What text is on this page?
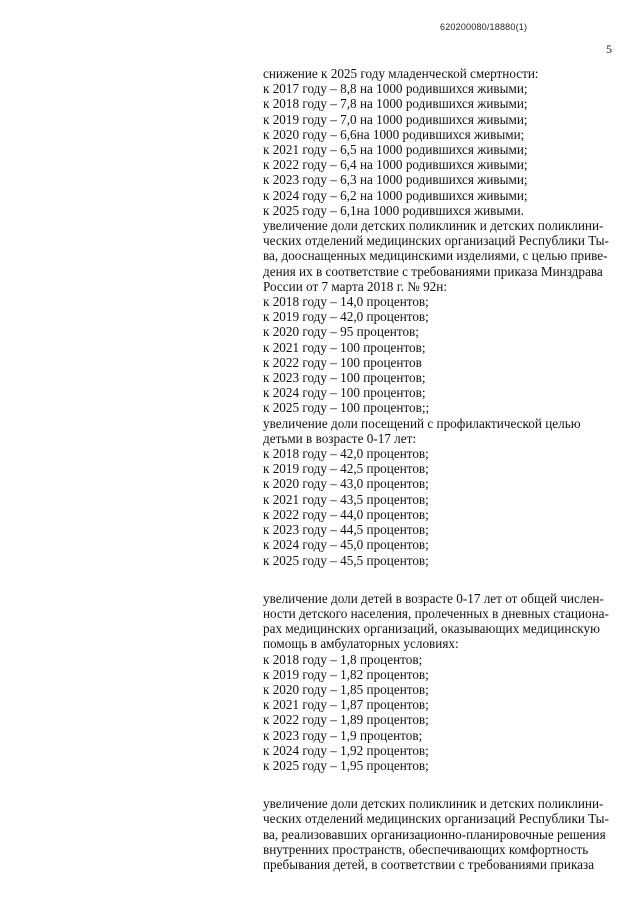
620200080/18880(1)
5
снижение к 2025 году младенческой смертности:
к 2017 году – 8,8 на 1000 родившихся живыми;
к 2018 году – 7,8 на 1000 родившихся живыми;
к 2019 году – 7,0 на 1000 родившихся живыми;
к 2020 году – 6,6на 1000 родившихся живыми;
к 2021 году – 6,5 на 1000 родившихся живыми;
к 2022 году – 6,4 на 1000 родившихся живыми;
к 2023 году – 6,3 на 1000 родившихся живыми;
к 2024 году – 6,2 на 1000 родившихся живыми;
к 2025 году – 6,1на 1000 родившихся живыми.
увеличение доли детских поликлиник и детских поликлини-
ческих отделений медицинских организаций Республики Ты-
ва, дооснащенных медицинскими изделиями, с целью приве-
дения их в соответствие с требованиями приказа Минздрава
России от 7 марта 2018 г. № 92н:
к 2018 году – 14,0 процентов;
к 2019 году – 42,0 процентов;
к 2020 году – 95 процентов;
к 2021 году – 100 процентов;
к 2022 году – 100 процентов
к 2023 году – 100 процентов;
к 2024 году – 100 процентов;
к 2025 году – 100 процентов;;
увеличение доли посещений с профилактической целью
детьми в возрасте 0-17 лет:
к 2018 году – 42,0 процентов;
к 2019 году – 42,5 процентов;
к 2020 году – 43,0 процентов;
к 2021 году – 43,5 процентов;
к 2022 году – 44,0 процентов;
к 2023 году – 44,5 процентов;
к 2024 году – 45,0 процентов;
к 2025 году – 45,5 процентов;
увеличение доли детей в возрасте 0-17 лет от общей числен-
ности детского населения, пролеченных в дневных стациона-
рах медицинских организаций, оказывающих медицинскую
помощь в амбулаторных условиях:
к 2018 году – 1,8 процентов;
к 2019 году – 1,82 процентов;
к 2020 году – 1,85 процентов;
к 2021 году – 1,87 процентов;
к 2022 году – 1,89 процентов;
к 2023 году – 1,9 процентов;
к 2024 году – 1,92 процентов;
к 2025 году – 1,95 процентов;
увеличение доли детских поликлиник и детских поликлини-
ческих отделений медицинских организаций Республики Ты-
ва, реализовавших организационно-планировочные решения
внутренних пространств, обеспечивающих комфортность
пребывания детей, в соответствии с требованиями приказа
